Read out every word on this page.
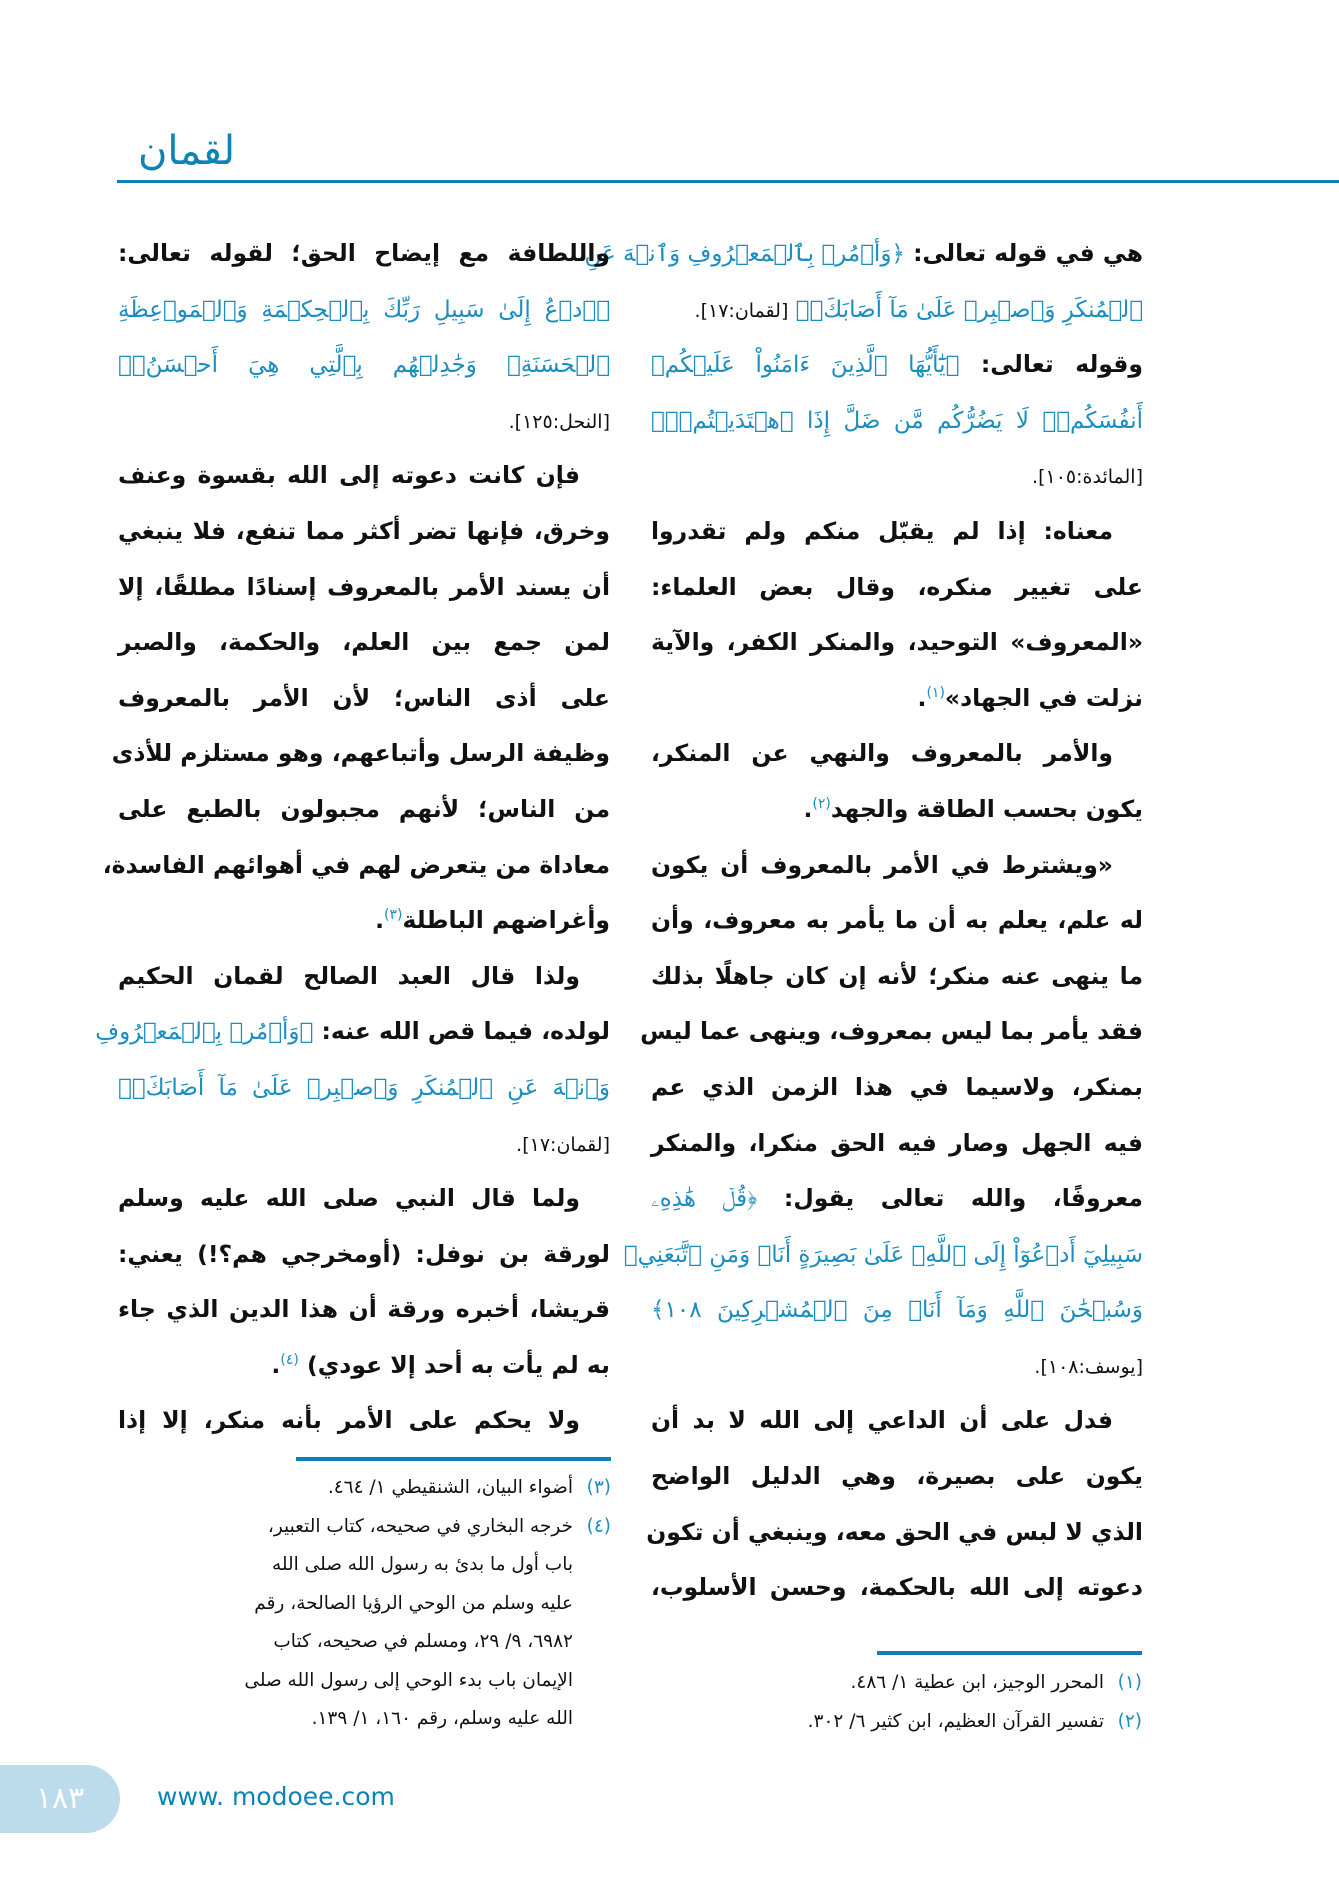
لقمان
هي في قوله تعالى: ﴿وَأۡمُرۡ بِٱلۡمَعۡرُوفِ وَٱنۡهَ عَنِ
ٱلۡمُنكَرِ وَٱصۡبِرۡ عَلَىٰ مَآ أَصَابَكَۖ﴾ [لقمان:١٧].
وقوله تعالى: ﴿يَٰٓأَيُّهَا ٱلَّذِينَ ءَامَنُواْ عَلَيۡكُمۡ
أَنفُسَكُمۡۖ لَا يَضُرُّكُم مَّن ضَلَّ إِذَا ٱهۡتَدَيۡتُمۡۚ﴾
[المائدة:١٠٥].
معناه: إذا لم يقبّل منكم ولم تقدروا
على تغيير منكره، وقال بعض العلماء:
«المعروف» التوحيد، والمنكر الكفر، والآية
نزلت في الجهاد»$^{(١)}$.
والأمر بالمعروف والنهي عن المنكر،
يكون بحسب الطاقة والجهد$^{(٢)}$.
«ويشترط في الأمر بالمعروف أن يكون
له علم، يعلم به أن ما يأمر به معروف، وأن
ما ينهى عنه منكر؛ لأنه إن كان جاهلًا بذلك
فقد يأمر بما ليس بمعروف، وينهى عما ليس
بمنكر، ولاسيما في هذا الزمن الذي عم
فيه الجهل وصار فيه الحق منكرا، والمنكر
معروفًا، والله تعالى يقول: ﴿قُلۡ هَٰذِهِۦ
سَبِيلِيٓ أَدۡعُوٓاْ إِلَى ٱللَّهِۚ عَلَىٰ بَصِيرَةٍ أَنَا۠ وَمَنِ ٱتَّبَعَنِيۖ
وَسُبۡحَٰنَ ٱللَّهِ وَمَآ أَنَا۠ مِنَ ٱلۡمُشۡرِكِينَ ١٠٨﴾
[يوسف:١٠٨].
فدل على أن الداعي إلى الله لا بد أن
يكون على بصيرة، وهي الدليل الواضح
الذي لا لبس في الحق معه، وينبغي أن تكون
دعوته إلى الله بالحكمة، وحسن الأسلوب،
واللطافة مع إيضاح الحق؛ لقوله تعالى:
﴿ٱدۡعُ إِلَىٰ سَبِيلِ رَبِّكَ بِٱلۡحِكۡمَةِ وَٱلۡمَوۡعِظَةِ
ٱلۡحَسَنَةِۖ وَجَٰدِلۡهُم بِٱلَّتِي هِيَ أَحۡسَنُۚ﴾
[النحل:١٢٥].
فإن كانت دعوته إلى الله بقسوة وعنف
وخرق، فإنها تضر أكثر مما تنفع، فلا ينبغي
أن يسند الأمر بالمعروف إسنادًا مطلقًا، إلا
لمن جمع بين العلم، والحكمة، والصبر
على أذى الناس؛ لأن الأمر بالمعروف
وظيفة الرسل وأتباعهم، وهو مستلزم للأذى
من الناس؛ لأنهم مجبولون بالطبع على
معاداة من يتعرض لهم في أهوائهم الفاسدة،
وأغراضهم الباطلة$^{(٣)}$.
ولذا قال العبد الصالح لقمان الحكيم
لولده، فيما قص الله عنه: ﴿وَأۡمُرۡ بِٱلۡمَعۡرُوفِ
وَٱنۡهَ عَنِ ٱلۡمُنكَرِ وَٱصۡبِرۡ عَلَىٰ مَآ أَصَابَكَۖ﴾
[لقمان:١٧].
ولما قال النبي صلى الله عليه وسلم
لورقة بن نوفل: (أومخرجي هم؟!) يعني:
قريشا، أخبره ورقة أن هذا الدين الذي جاء
به لم يأت به أحد إلا عودي) $^{(٤)}$.
ولا يحكم على الأمر بأنه منكر، إلا إذا
(١)المحرر الوجيز، ابن عطية ١/ ٤٨٦.
(٢)تفسير القرآن العظيم، ابن كثير ٦/ ٣٠٢.
(٣)أضواء البيان، الشنقيطي ١/ ٤٦٤.
(٤)خرجه البخاري في صحيحه، كتاب التعبير،
باب أول ما بدئ به رسول الله صلى الله
عليه وسلم من الوحي الرؤيا الصالحة، رقم
٦٩٨٢، ٩/ ٢٩، ومسلم في صحيحه، كتاب
الإيمان باب بدء الوحي إلى رسول الله صلى
الله عليه وسلم، رقم ١٦٠، ١/ ١٣٩.
١٨٣	www. modoee.com
